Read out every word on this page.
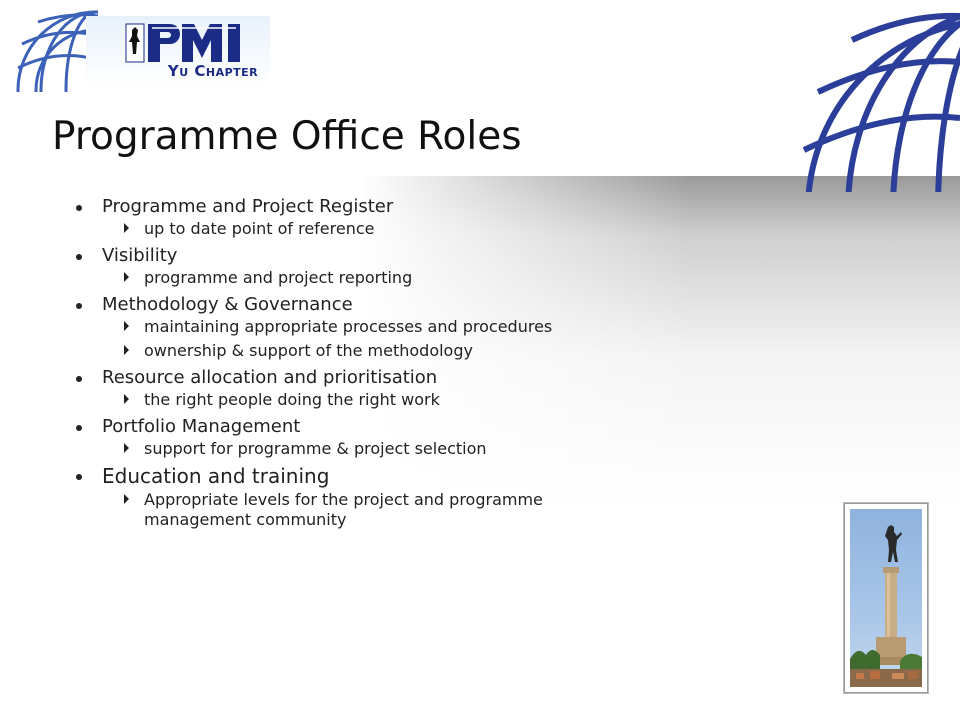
Yu Chapter
Programme Office Roles
Programme and Project Register
up to date point of reference
Visibility
programme and project reporting
Methodology & Governance
maintaining appropriate processes and procedures
ownership & support of the methodology
Resource allocation and prioritisation
the right people doing the right work
Portfolio Management
support for programme & project selection
Education and training
Appropriate levels for the project and programme
management community
